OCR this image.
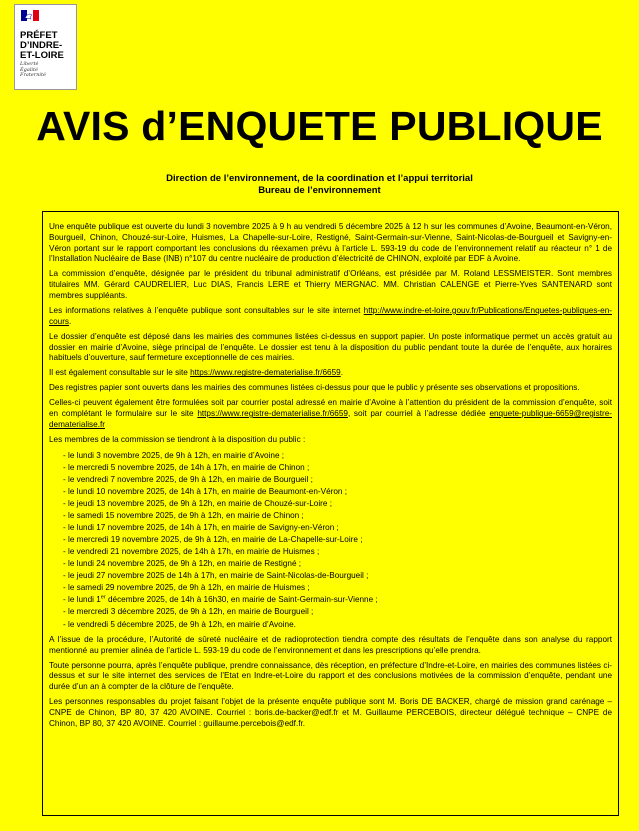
PRÉFET
D’INDRE-
ET-LOIRE
Liberté
Égalité
Fraternité
AVIS d’ENQUETE PUBLIQUE
Direction de l’environnement, de la coordination et l’appui territorial
Bureau de l’environnement

Une enquête publique est ouverte du lundi 3 novembre 2025 à 9 h au vendredi 5 décembre 2025 à 12 h sur les communes d’Avoine, Beaumont-en-Véron, Bourgueil, Chinon, Chouzé-sur-Loire, Huismes, La Chapelle-sur-Loire, Restigné, Saint-Germain-sur-Vienne, Saint-Nicolas-de-Bourgueil et Savigny-en-Véron portant sur le rapport comportant les conclusions du réexamen prévu à l’article L. 593-19 du code de l’environnement relatif au réacteur n° 1 de l’Installation Nucléaire de Base (INB) n°107 du centre nucléaire de production d’électricité de CHINON, exploité par EDF à Avoine.

La commission d’enquête, désignée par le président du tribunal administratif d’Orléans, est présidée par M. Roland LESSMEISTER. Sont membres titulaires MM. Gérard CAUDRELIER, Luc DIAS, Francis LERE et Thierry MERGNAC. MM. Christian CALENGE et Pierre-Yves SANTENARD sont membres suppléants.

Les informations relatives à l’enquête publique sont consultables sur le site internet http://www.indre-et-loire.gouv.fr/Publications/Enquetes-publiques-en-cours.

Le dossier d’enquête est déposé dans les mairies des communes listées ci-dessus en support papier. Un poste informatique permet un accès gratuit au dossier en mairie d’Avoine, siège principal de l’enquête. Le dossier est tenu à la disposition du public pendant toute la durée de l’enquête, aux horaires habituels d’ouverture, sauf fermeture exceptionnelle de ces mairies.

Il est également consultable sur le site https://www.registre-dematerialise.fr/6659.

Des registres papier sont ouverts dans les mairies des communes listées ci-dessus pour que le public y présente ses observations et propositions.

Celles-ci peuvent également être formulées soit par courrier postal adressé en mairie d’Avoine à l’attention du président de la commission d’enquête, soit en complétant le formulaire sur le site https://www.registre-dematerialise.fr/6659, soit par courriel à l’adresse dédiée enquete-publique-6659@registre-dematerialise.fr

Les membres de la commission se tiendront à la disposition du public :

- le lundi 3 novembre 2025, de 9h à 12h, en mairie d’Avoine ;
- le mercredi 5 novembre 2025, de 14h à 17h, en mairie de Chinon ;
- le vendredi 7 novembre 2025, de 9h à 12h, en mairie de Bourgueil ;
- le lundi 10 novembre 2025, de 14h à 17h, en mairie de Beaumont-en-Véron ;
- le jeudi 13 novembre 2025, de 9h à 12h, en mairie de Chouzé-sur-Loire ;
- le samedi 15 novembre 2025, de 9h à 12h, en mairie de Chinon ;
- le lundi 17 novembre 2025, de 14h à 17h, en mairie de Savigny-en-Véron ;
- le mercredi 19 novembre 2025, de 9h à 12h, en mairie de La-Chapelle-sur-Loire ;
- le vendredi 21 novembre 2025, de 14h à 17h, en mairie de Huismes ;
- le lundi 24 novembre 2025, de 9h à 12h, en mairie de Restigné ;
- le jeudi 27 novembre 2025 de 14h à 17h, en mairie de Saint-Nicolas-de-Bourgueil ;
- le samedi 29 novembre 2025, de 9h à 12h, en mairie de Huismes ;
- le lundi 1er décembre 2025, de 14h à 16h30, en mairie de Saint-Germain-sur-Vienne ;
- le mercredi 3 décembre 2025, de 9h à 12h, en mairie de Bourgueil ;
- le vendredi 5 décembre 2025, de 9h à 12h, en mairie d’Avoine.

A l’issue de la procédure, l’Autorité de sûreté nucléaire et de radioprotection tiendra compte des résultats de l’enquête dans son analyse du rapport mentionné au premier alinéa de l’article L. 593-19 du code de l’environnement et dans les prescriptions qu’elle prendra.

Toute personne pourra, après l’enquête publique, prendre connaissance, dès réception, en préfecture d’Indre-et-Loire, en mairies des communes listées ci-dessus et sur le site internet des services de l’Etat en Indre-et-Loire du rapport et des conclusions motivées de la commission d’enquête, pendant une durée d’un an à compter de la clôture de l’enquête.

Les personnes responsables du projet faisant l’objet de la présente enquête publique sont M. Boris DE BACKER, chargé de mission grand carénage – CNPE de Chinon, BP 80, 37 420 AVOINE. Courriel : boris.de-backer@edf.fr et M. Guillaume PERCEBOIS, directeur délégué technique – CNPE de Chinon, BP 80, 37 420 AVOINE. Courriel : guillaume.percebois@edf.fr.
